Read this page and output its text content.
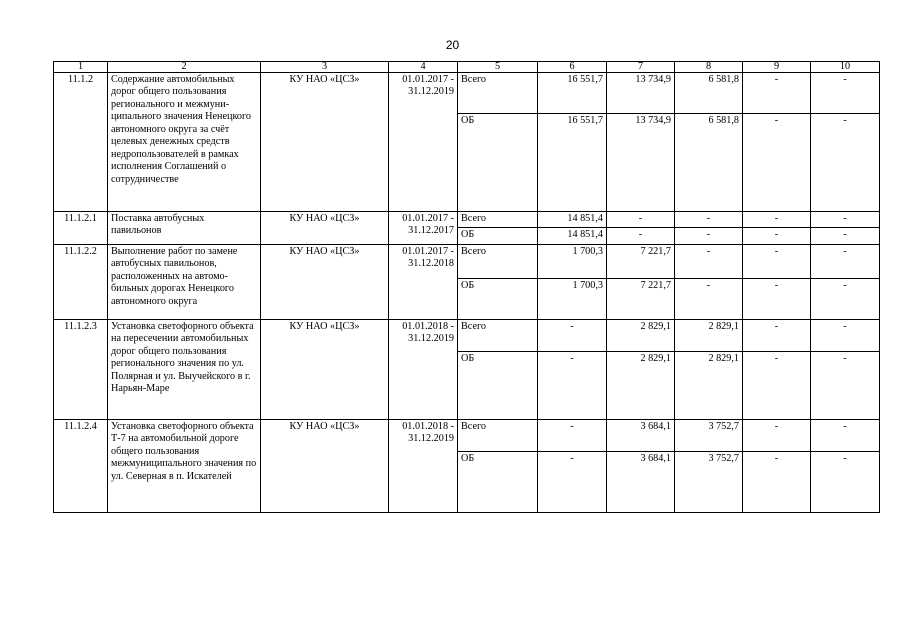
20
1	2	3	4	5	6	7	8	9	10
11.1.2	Содержание автомобильных дорог общего пользования регионального и межмуни-ципального значения Ненецкого автономного округа за счёт целевых денежных средств недропользователей в рамках исполнения Соглашений о сотрудничестве	КУ НАО «ЦСЗ»	01.01.2017 - 31.12.2019	Всего	16 551,7	13 734,9	6 581,8	-	-
				ОБ	16 551,7	13 734,9	6 581,8	-	-
11.1.2.1	Поставка автобусных павильонов	КУ НАО «ЦСЗ»	01.01.2017 - 31.12.2017	Всего	14 851,4	-	-	-	-
				ОБ	14 851,4	-	-	-	-
11.1.2.2	Выполнение работ по замене автобусных павильонов, расположенных на автомо-бильных дорогах Ненецкого автономного округа	КУ НАО «ЦСЗ»	01.01.2017 - 31.12.2018	Всего	1 700,3	7 221,7	-	-	-
				ОБ	1 700,3	7 221,7	-	-	-
11.1.2.3	Установка светофорного объекта на пересечении автомобильных дорог общего пользования регионального значения по ул. Полярная и ул. Выучейского в г. Нарьян-Маре	КУ НАО «ЦСЗ»	01.01.2018 - 31.12.2019	Всего	-	2 829,1	2 829,1	-	-
				ОБ	-	2 829,1	2 829,1	-	-
11.1.2.4	Установка светофорного объекта Т-7 на автомобильной дороге общего пользования межмуниципального значения по ул. Северная в п. Искателей	КУ НАО «ЦСЗ»	01.01.2018 - 31.12.2019	Всего	-	3 684,1	3 752,7	-	-
				ОБ	-	3 684,1	3 752,7	-	-
